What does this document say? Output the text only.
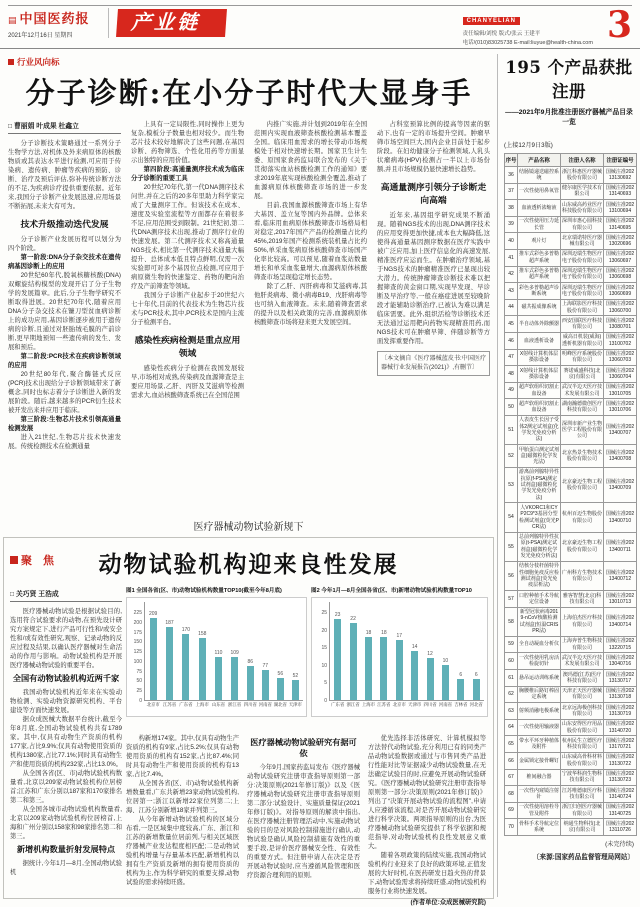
▤ 中国医药报
2021年12月16日 星期四
产业链	CHANYELIAN
责任编辑/刘悦 版式/张云 王建平
电话/(010)83025738 E-mail:liuyue@health-china.com 3
行业风向标
分子诊断:在小分子时代大显身手
□ 曹丽娟 叶成果 杜鑫立

分子诊断技术策略通过一系列分子生物学方法,对机体及外来病原体的核酸物质或其表达水平进行检测,可应用于传染病、遗传病、肿瘤等疾病的预防、诊断、治疗及预后评估,弥补传统诊断方法的不足,为疾病诊疗提供重要依据。近年来,我国分子诊断产业发展迅速,应用场景不断拓展,未来大有可为。

技术升级推动迭代发展

分子诊断产业发展历程可以划分为四个阶段。

第一阶段:DNA分子杂交技术在遗传病基因诊断上的应用

20世纪60年代,脱氧核糖核酸(DNA)双螺旋结构模型的发现开启了分子生物学的发展篇章。此后,分子生物学研究不断取得进展。20世纪70年代,随着应用DNA分子杂交技术在镰刀型贫血病诊断上的成功应用,基因诊断逐步被用于遗传病的诊断,且通过对胚胎绒毛膜的产前诊断,更早期地预知一些遗传病的发生、发展和预后。

第二阶段:PCR技术在疾病诊断领域的应用

20世纪80年代,聚合酶链式反应(PCR)技术出现给分子诊断领域带来了新概念,同时也标志着分子诊断进入新的发展阶段。随后,越来越多的PCR衍生技术被开发出来并应用于临床。

第三阶段:生物芯片技术引领高通量检测发展

进入21世纪,生物芯片技术快速发展。传统检测技术在检测通量

上具有一定局限性,同时操作上更为复杂,模板分子数量也相对较少。而生物芯片技术较好地解决了这些问题,在基因诊断、药物筛选、个性化用药等方面显示出独特的应用价值。

第四阶段:高通量测序技术成为临床分子诊断的重要工具

20世纪70年代,第一代DNA测序技术问世,并在之后的20多年里助力科学家完成了大量测序工作。但该技术在成本、速度及实验室流程等方面都存在着很多不足,应用范围受到限制。21世纪初,第二代DNA测序技术出现,推动了测序行业的快速发展。第二代测序技术又称高通量NGS技术,相比第一代测序技术通量大幅提升、总体成本低且特点鲜明,仅需一次实验即可对多个基因位点检测,可应用于病原微生物的快速鉴定、药物的靶向治疗及产前筛查等领域。

我国分子诊断产业起步于20世纪六七十年代,目前的代表技术为生物芯片技术与PCR技术,其中,PCR技术是国内主流分子检测平台。

感染性疾病检测是重点应用领域

感染性疾病分子检测在我国发展较早,市场相对成熟,传染病及血源筛查是主要应用场景,乙肝、丙肝及艾滋病等检测需求大,血站核酸筛查系统已在全国范围

内推广实施,并计划到2019年在全国范围内实现血液筛查核酸检测基本覆盖全国。临床用血需求的增长带动市场规模处于相对快速增长期。国家卫生计生委、原国家食药监局联合发布的《关于贯彻落实血站核酸检测工作的通知》要求2019年底实现核酸检测全覆盖,推动了血源病原体核酸筛查市场的进一步发展。

目前,我国血源核酸筛查市场上有华大基因、盖立复等国内外品牌。总体来看,临床用血病原体核酸筛查市场格局相对稳定,2017年国产产品的检测量占比约45%,2019年国产检测系统装机量占比约50%,单采血浆病原体核酸筛查市场国产化率比较高。可以预见,随着血浆站数量增长和单采血浆量增大,血源病原体核酸筛查市场呈现稳定增长态势。

除了乙肝、丙肝病毒和艾滋病毒,其他肝炎病毒、微小病毒B19、戊肝病毒等也可纳入血液筛查。未来,随着筛查需求的提升以及相关政策的完善,血源病原体核酸筛查市场将迎来更大发展空间。

占科室预算比例的提高等因素的驱动下,也有一定的市场提升空间。肿瘤早筛市场空间巨大,国内企业目前处于起步阶段。在妇幼健康分子检测领域,人乳头状瘤病毒(HPV)检测占一半以上市场份额,并且市场规模仍显快速增长趋势。

高通量测序引领分子诊断走向高端

近年来,基因组学研究成果不断涌现。随着NGS技术的出现,DNA测序技术的应用变得更加快捷,成本也大幅降低,这使得高通量基因测序数据在医疗实践中被广泛应用,加上医疗信息化的高速发展,精准医疗应运而生。在肿瘤治疗领域,基于NGS技术的肿瘤精准医疗已显现出较大潜力。传统肿瘤筛查诊断技术难以把握筛查的黄金窗口期,实现早发现、早诊断及早治疗等,一般在癌症进展至较晚阶段才能辅助诊断治疗,已被认为难以满足临床需要。此外,组织活检等诊断技术还无法通过运用靶向药物实现精准用药,而NGS技术可在肿瘤早筛、伴随诊断等方面发挥重要作用。

〔本文摘自《医疗器械蓝皮书:中国医疗器械行业发展报告(2021)》,有删节〕

195 个产品获批注册
——2021年9月批准注册医疗器械产品目录一览
(上接12月9日3版)
序号	产品名称	注册人名称	注册证编号
36	结肠镜递送磁控系统	浙江科惠医疗器械股份有限公司	国械注准20213130692
37	一次性使用鼻氧管	健尔康医学技术有限公司	国械注准20213140693
38	血液透析浓缩液	山东威高药业医疗科技股份有限公司	国械注准20213100694
39	一次性使用压力延长管	深圳市惠心圆科技有限公司	国械注准20213140695
40	观片灯	北京瑞诺特医疗器械有限公司	国械注准20213020696
41	推车式彩色多普勒超声系统	深圳迈瑞生物医疗电子股份有限公司	国械注准20213060697
42	推车式彩色多普勒超声系统	深圳迈瑞生物医疗电子股份有限公司	国械注准20213060698
43	彩色多普勒超声诊断系统	深圳迈瑞生物医疗电子股份有限公司	国械注准20213060699
44	磁共振成像系统	上海联影医疗科技股份有限公司	国械注准20213060700
45	半自动体外除颤器	西安国联医疗科技有限公司	国械注准20213080701
46	血液透析设备	威高日机装(威海)透析机器有限公司	国械注准20213100702
47	X射线计算机体层摄影设备	明峰医疗系统股份有限公司	国械注准20213060703
48	X射线计算机体层摄影设备	赛诺威盛科技(北京)有限公司	国械注准20213060704
49	超声软组织切割止血设备	武汉半边天医疗技术发展有限公司	国械注准20213010705
50	超声软组织切割止血设备	湖南瀚德微创医疗科技有限公司	国械注准20213010706
51	人表皮生长因子受体2测定试剂盒(化学发光免疫分析法)	深圳市新产业生物医学工程股份有限公司	国械注准20213400707
52	甲胎蛋白测定试剂盒(磁微粒化学发光法)	北京热景生物技术股份有限公司	国械注准20213400708
53	游离前列腺特异性抗原(f-PSA)测定试剂盒(磁微粒化学发光免疫分析法)	北京豪迈生物工程股份有限公司	国械注准20213400709
54	人VKORC1和CYP2C9*3基因分型检测试剂盒(荧光PCR法)	杭州百迈生物股份有限公司	国械注准20213400710
55	总前列腺特异性抗原(t-PSA)测定试剂盒(磁微粒化学发光免疫分析法)	北京豪迈生物工程股份有限公司	国械注准20213400711
56	结核分枝杆菌特异性细胞免疫反应检测试剂盒(荧光免疫层析法)	广州科方生物技术有限公司	国械注准20213400712
57	口腔种植手术导航定位设备	雅客智慧(北京)科技有限公司	国械注准20213010713
58	新型冠状病毒2019-nCoV核酸检测试剂盒(恒温CRISPR法)	上海伯杰医疗科技有限公司	国械注准20213400714
59	全自动凝血分析仪	上海奔普生物科技有限公司	国械注准20213220715
60	一次性使用乳房活检旋切针	武汉半边天医疗技术发展有限公司	国械注准20213040716
61	悬吊运动训练系统	澳玛德(江苏)医疗科技有限公司	国械注准20213130717
62	胸腰椎后路钉棒固定系统	天津正天医疗器械有限公司	国械注准20213130718
63	射频消融电极系统	北京远海极创科技有限公司	国械注准20213130719
64	一次性使用输液器	山东安得医疗用品股份有限公司	国械注准20213140720
65	带水平环牙种植体及附件	杭州民生立德医疗科技有限公司	国械注准20213170721
66	金属锁定接骨螺钉	山东威高骨科材料股份有限公司	国械注准20213130722
67	椎间融合器	宁波华科润生物科技有限公司	国械注准20213130723
68	一次性内窥镜注射针	江苏唯德康医疗科技有限公司	国械注准20213140724
69	一次性使用溶栓导管及附件	浙江归创医疗器械有限公司	国械注准20213140725
70	骨科手术导航定位系统	纳通生物科技(北京)有限公司	国械注准20213110726
(未完待续)
〔来源:国家药品监督管理局网站〕
医疗器械动物试验新规下
聚 焦	动物试验机构迎来良性发展
□ 关巧贤 王浩成

医疗器械动物试验是根据试验目的,选用符合试验要求的动物,在预先设计研究方案规定下,进行产品可行性和/或安全性和/或有效性研究,观察、记录动物的反应过程及结果,以确认医疗器械对生命活动的作用与影响。动物试验机构是开展医疗器械动物试验的重要平台。

全国有动物试验机构近两千家

我国动物试验机构近年来在实验动物检测、实验动物资源研究机构、平台建设等方面快速发展。

据众成医械大数据平台统计,截至今年8月底,全国动物试验机构共有1789家。其中,仅具有动物生产资质的机构177家,占比9.9%;仅具有动物使用资质的机构1380家,占比77.1%;同时具有动物生产和使用资质的机构232家,占比13.0%。

从全国各省(区、市)动物试验机构数量看,北京以209家动物试验机构位居榜首;江苏和广东分别以187家和170家排名第二和第三。

从全国各城市动物试验机构数量看,北京以209家动物试验机构位居榜首,上海和广州分别以158家和98家排名第二和第三。

新增机构数量折射发展特点

据统计,今年1月—8月,全国动物试验机

图1 全国各省(区、市)动物试验机构数量TOP10(截至今年8月底)
0
25
50
75
100
125
150
175
200
225 209
北京市
187
江苏省
170
广东省
158
上海市
110
山东省
109
浙江省
86
四川省
77
河南省
56
湖北省
52
天津市
图2 今年1月—8月全国各省(区、市)新增动物试验机构数量TOP10
0
5
10
15
20
25 23
广东省
22
浙江省
18
上海市
18
江苏省
17
北京市
14
天津市
12
四川省
10
河南省
6
吉林省
6
河北省

构新增174家。其中,仅具有动物生产资质的机构有9家,占比5.2%;仅具有动物使用资质的机构有152家,占比87.4%;同时具有动物生产和使用资质的机构有13家,占比7.4%。

从全国各省(区、市)动物试验机构新增数量看,广东共新增23家动物试验机构,位居第一;浙江以新增22家位列第二;上海、江苏分别新增18家并列第三。

从今年新增动物试验机构的区域分布看,一是区域集中度较高,广东、浙江和江苏的新增数量位居前列,与相关区域医疗器械产业发达程度相匹配;二是动物试验机构增量与存量基本匹配,新增机构以拥有生产资质及新增的拥有使用资质的机构为主,作为科学研究的重要支撑,动物试验的需求持续旺盛。

医疗器械动物试验研究有据可依

今年9月,国家药监局发布《医疗器械动物试验研究注册审查指导原则第一部分:决策原则(2021年修订版)》以及《医疗器械动物试验研究注册审查指导原则第二部分:试验设计、实施质量保证(2021年修订版)》。对指导原则的解读中指出,在医疗器械注册管理活动中,实施动物试验的目的是对风险控制措施进行确认,动物试验是确认风险控制措施有效性的重要手段,是评价医疗器械安全性、有效性的重要方式。但注册申请人在决定是否开展动物试验时,应当遵循风险管理和医疗资源合理利用的原则,

优先选择非活体研究、计算机模拟等方法替代动物试验,充分利用已有的同类产品动物试验数据或通过与市售同类产品进行性能对比等证据减少动物试验数量,在无法确定试验目的时,应避免开展动物试验研究。《医疗器械动物试验研究注册审查指导原则第一部分:决策原则(2021年修订版)》列出了“决策开展动物试验的流程图”,申请人应遵循该流程,对是否开展动物试验研究进行科学决策。两项指导原则的出台,为医疗器械动物试验研究提供了科学依据和规范指导,对动物试验机构良性发展意义重大。

随着各项政策的陆续实施,我国动物试验机构行业迎来了良好的政策环境,正值发展的大好时机,在医药研发日趋火热的背景下,动物试验需求将持续旺盛,动物试验机构服务行业将快速发展。

(作者单位:众成医械研究院)
